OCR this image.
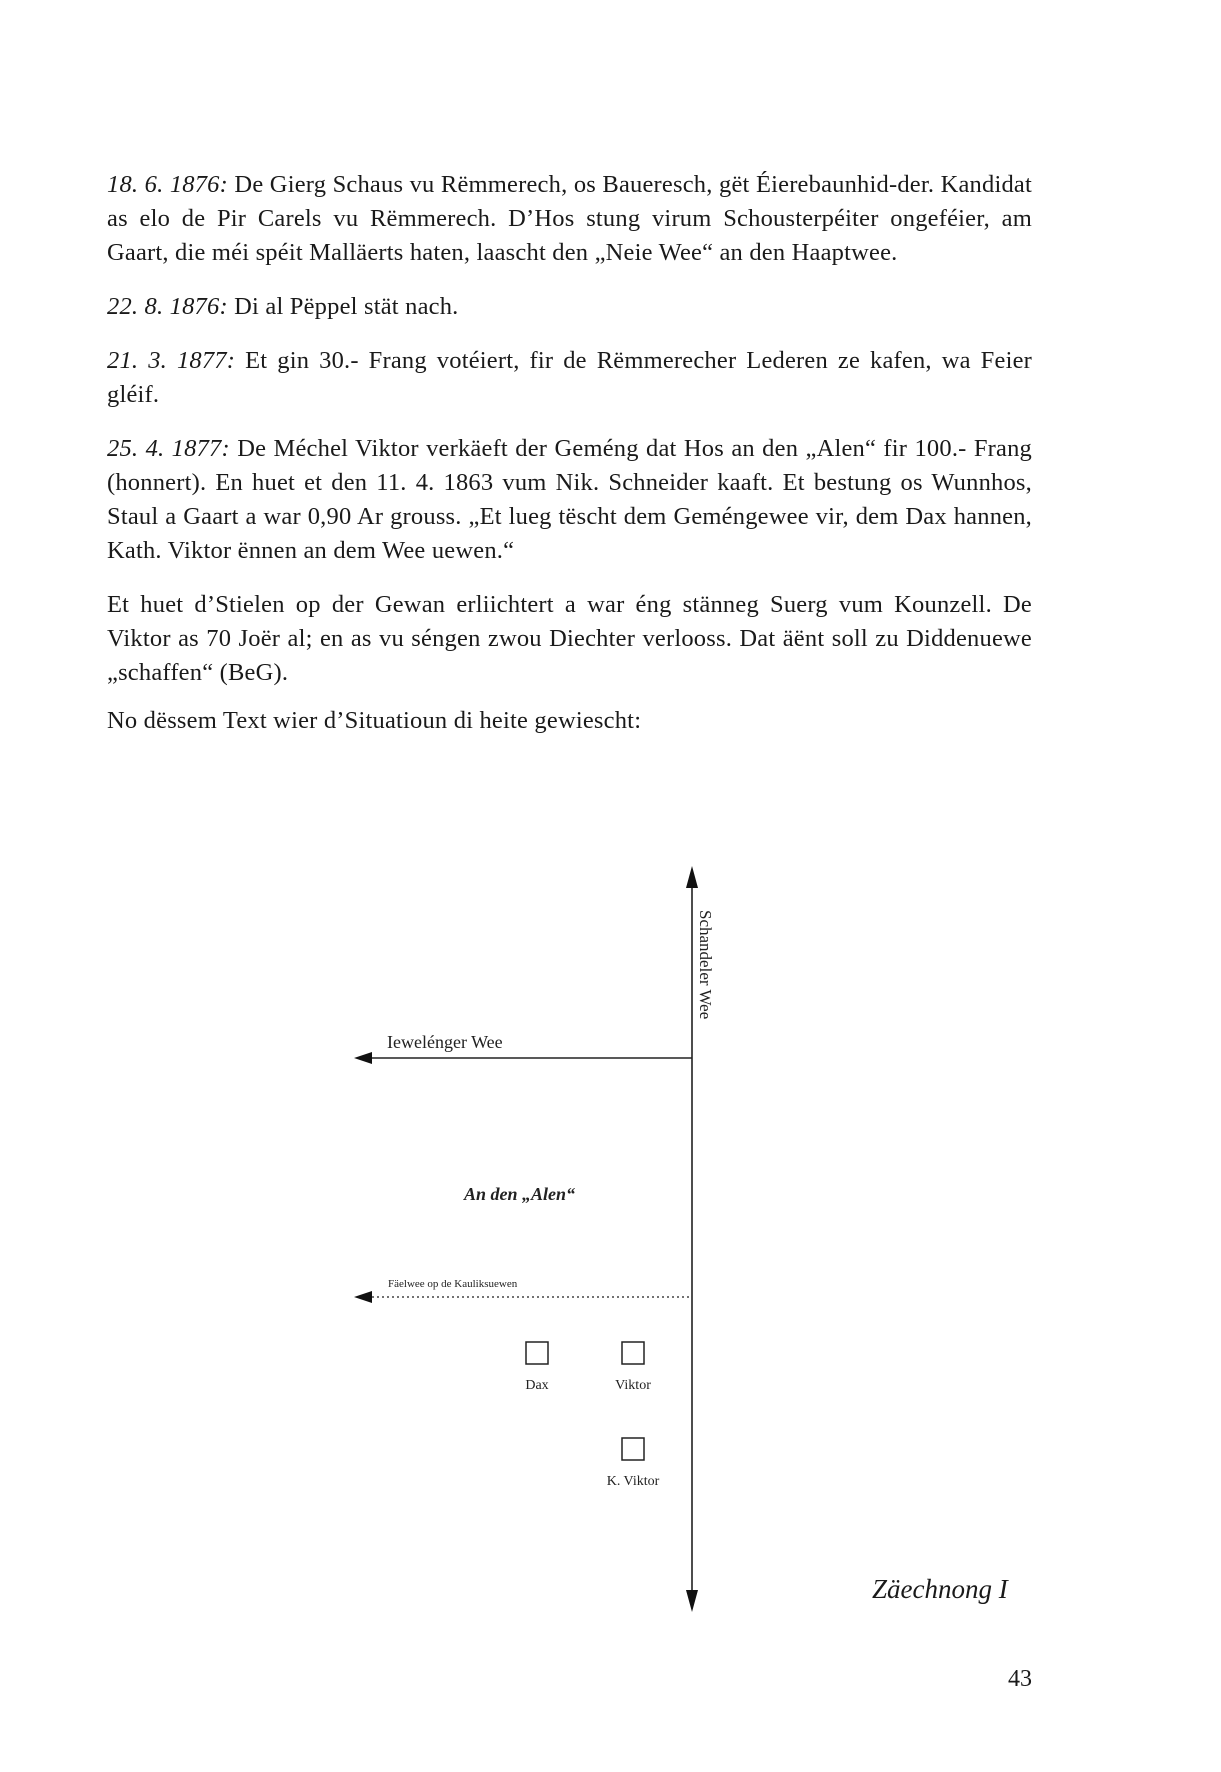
18. 6. 1876: De Gierg Schaus vu Rëmmerech, os Baueresch, gët Éierebaunhid-der. Kandidat as elo de Pir Carels vu Rëmmerech. D’Hos stung virum Schousterpéiter ongeféier, am Gaart, die méi spéit Malläerts haten, laascht den „Neie Wee“ an den Haaptwee.

22. 8. 1876: Di al Pëppel stät nach.

21. 3. 1877: Et gin 30.- Frang votéiert, fir de Rëmmerecher Lederen ze kafen, wa Feier gléif.

25. 4. 1877: De Méchel Viktor verkäeft der Geméng dat Hos an den „Alen“ fir 100.- Frang (honnert). En huet et den 11. 4. 1863 vum Nik. Schneider kaaft. Et bestung os Wunnhos, Staul a Gaart a war 0,90 Ar grouss. „Et lueg tëscht dem Geméngewee vir, dem Dax hannen, Kath. Viktor ënnen an dem Wee uewen.“

Et huet d’Stielen op der Gewan erliichtert a war éng stänneg Suerg vum Kounzell. De Viktor as 70 Joër al; en as vu séngen zwou Diechter verlooss. Dat äënt soll zu Diddenuewe „schaffen“ (BeG).

No dëssem Text wier d’Situatioun di heite gewiescht:

Schandeler Wee
Iewelénger Wee
An den „Alen“
Fäelwee op de Kauliksuewen
Dax	Viktor
K. Viktor
Zäechnong I
43
